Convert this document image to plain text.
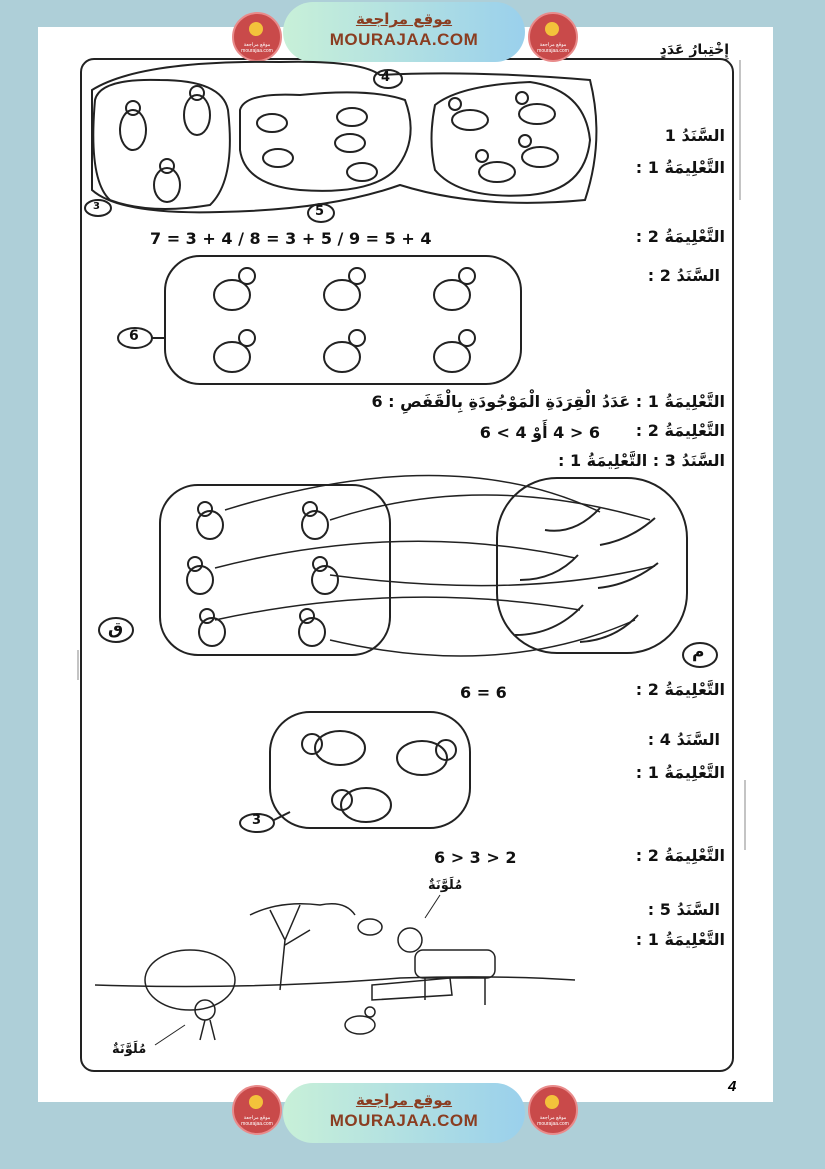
موقع مراجعة mourajaa.com
موقع مراجعة
MOURAJAA.COM	موقع مراجعة mourajaa.com
موقع مراجعة mourajaa.com
موقع مراجعة
MOURAJAA.COM	موقع مراجعة mourajaa.com
إِخْتِبارُ عَدَدٍ
4
3	5
السَّنَدُ 1
التَّعْلِيمَةُ 1 :
التَّعْلِيمَةُ 2 :
7 = 3 + 4 / 8 = 3 + 5 / 9 = 5 + 4
السَّنَدُ 2 :
6
التَّعْلِيمَةُ 1 : عَدَدُ الْقِرَدَةِ الْمَوْجُودَةِ بِالْقَفَصِ : 6
التَّعْلِيمَةُ 2 :
6 < 4 أَوْ 4 > 6
السَّنَدُ 3 : التَّعْلِيمَةُ 1 :
ق
م
التَّعْلِيمَةُ 2 :
6 = 6
السَّنَدُ 4 :
التَّعْلِيمَةُ 1 :
3
التَّعْلِيمَةُ 2 :
6 > 3 > 2
السَّنَدُ 5 :
التَّعْلِيمَةُ 1 :
مُلَوَّنَةٌ
مُلَوَّنَةٌ
4
